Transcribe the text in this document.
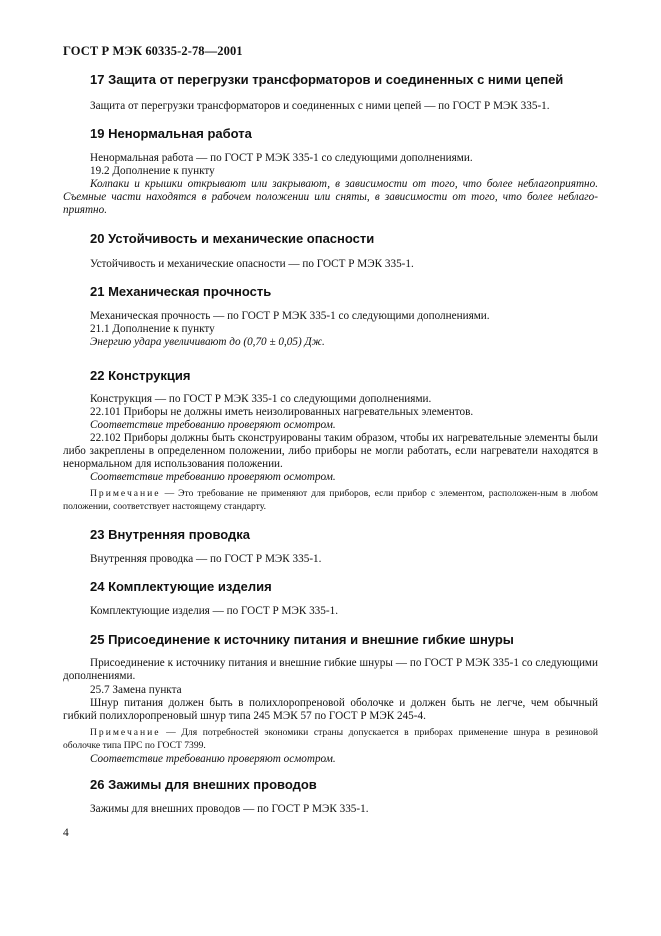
ГОСТ Р МЭК 60335-2-78—2001
17 Защита от перегрузки трансформаторов и соединенных с ними цепей
Защита от перегрузки трансформаторов и соединенных с ними цепей — по ГОСТ Р МЭК 335-1.
19 Ненормальная работа
Ненормальная работа — по ГОСТ Р МЭК 335-1 со следующими дополнениями.
19.2 Дополнение к пункту
Колпаки и крышки открывают или закрывают, в зависимости от того, что более неблагоприятно. Съемные части находятся в рабочем положении или сняты, в зависимости от того, что более неблаго-приятно.
20 Устойчивость и механические опасности
Устойчивость и механические опасности — по ГОСТ Р МЭК 335-1.
21 Механическая прочность
Механическая прочность — по ГОСТ Р МЭК 335-1 со следующими дополнениями.
21.1 Дополнение к пункту
Энергию удара увеличивают до (0,70 ± 0,05) Дж.
22 Конструкция
Конструкция — по ГОСТ Р МЭК 335-1 со следующими дополнениями.
22.101 Приборы не должны иметь неизолированных нагревательных элементов.
Соответствие требованию проверяют осмотром.
22.102 Приборы должны быть сконструированы таким образом, чтобы их нагревательные элементы были либо закреплены в определенном положении, либо приборы не могли работать, если нагреватели находятся в ненормальном для использования положении.
Соответствие требованию проверяют осмотром.
Примечание — Это требование не применяют для приборов, если прибор с элементом, расположен-ным в любом положении, соответствует настоящему стандарту.
23 Внутренняя проводка
Внутренняя проводка — по ГОСТ Р МЭК 335-1.
24 Комплектующие изделия
Комплектующие изделия — по ГОСТ Р МЭК 335-1.
25 Присоединение к источнику питания и внешние гибкие шнуры
Присоединение к источнику питания и внешние гибкие шнуры — по ГОСТ Р МЭК 335-1 со следующими дополнениями.
25.7 Замена пункта
Шнур питания должен быть в полихлоропреновой оболочке и должен быть не легче, чем обычный гибкий полихлоропреновый шнур типа 245 МЭК 57 по ГОСТ Р МЭК 245-4.
Примечание — Для потребностей экономики страны допускается в приборах применение шнура в резиновой оболочке типа ПРС по ГОСТ 7399.
Соответствие требованию проверяют осмотром.
26 Зажимы для внешних проводов
Зажимы для внешних проводов — по ГОСТ Р МЭК 335-1.
4
